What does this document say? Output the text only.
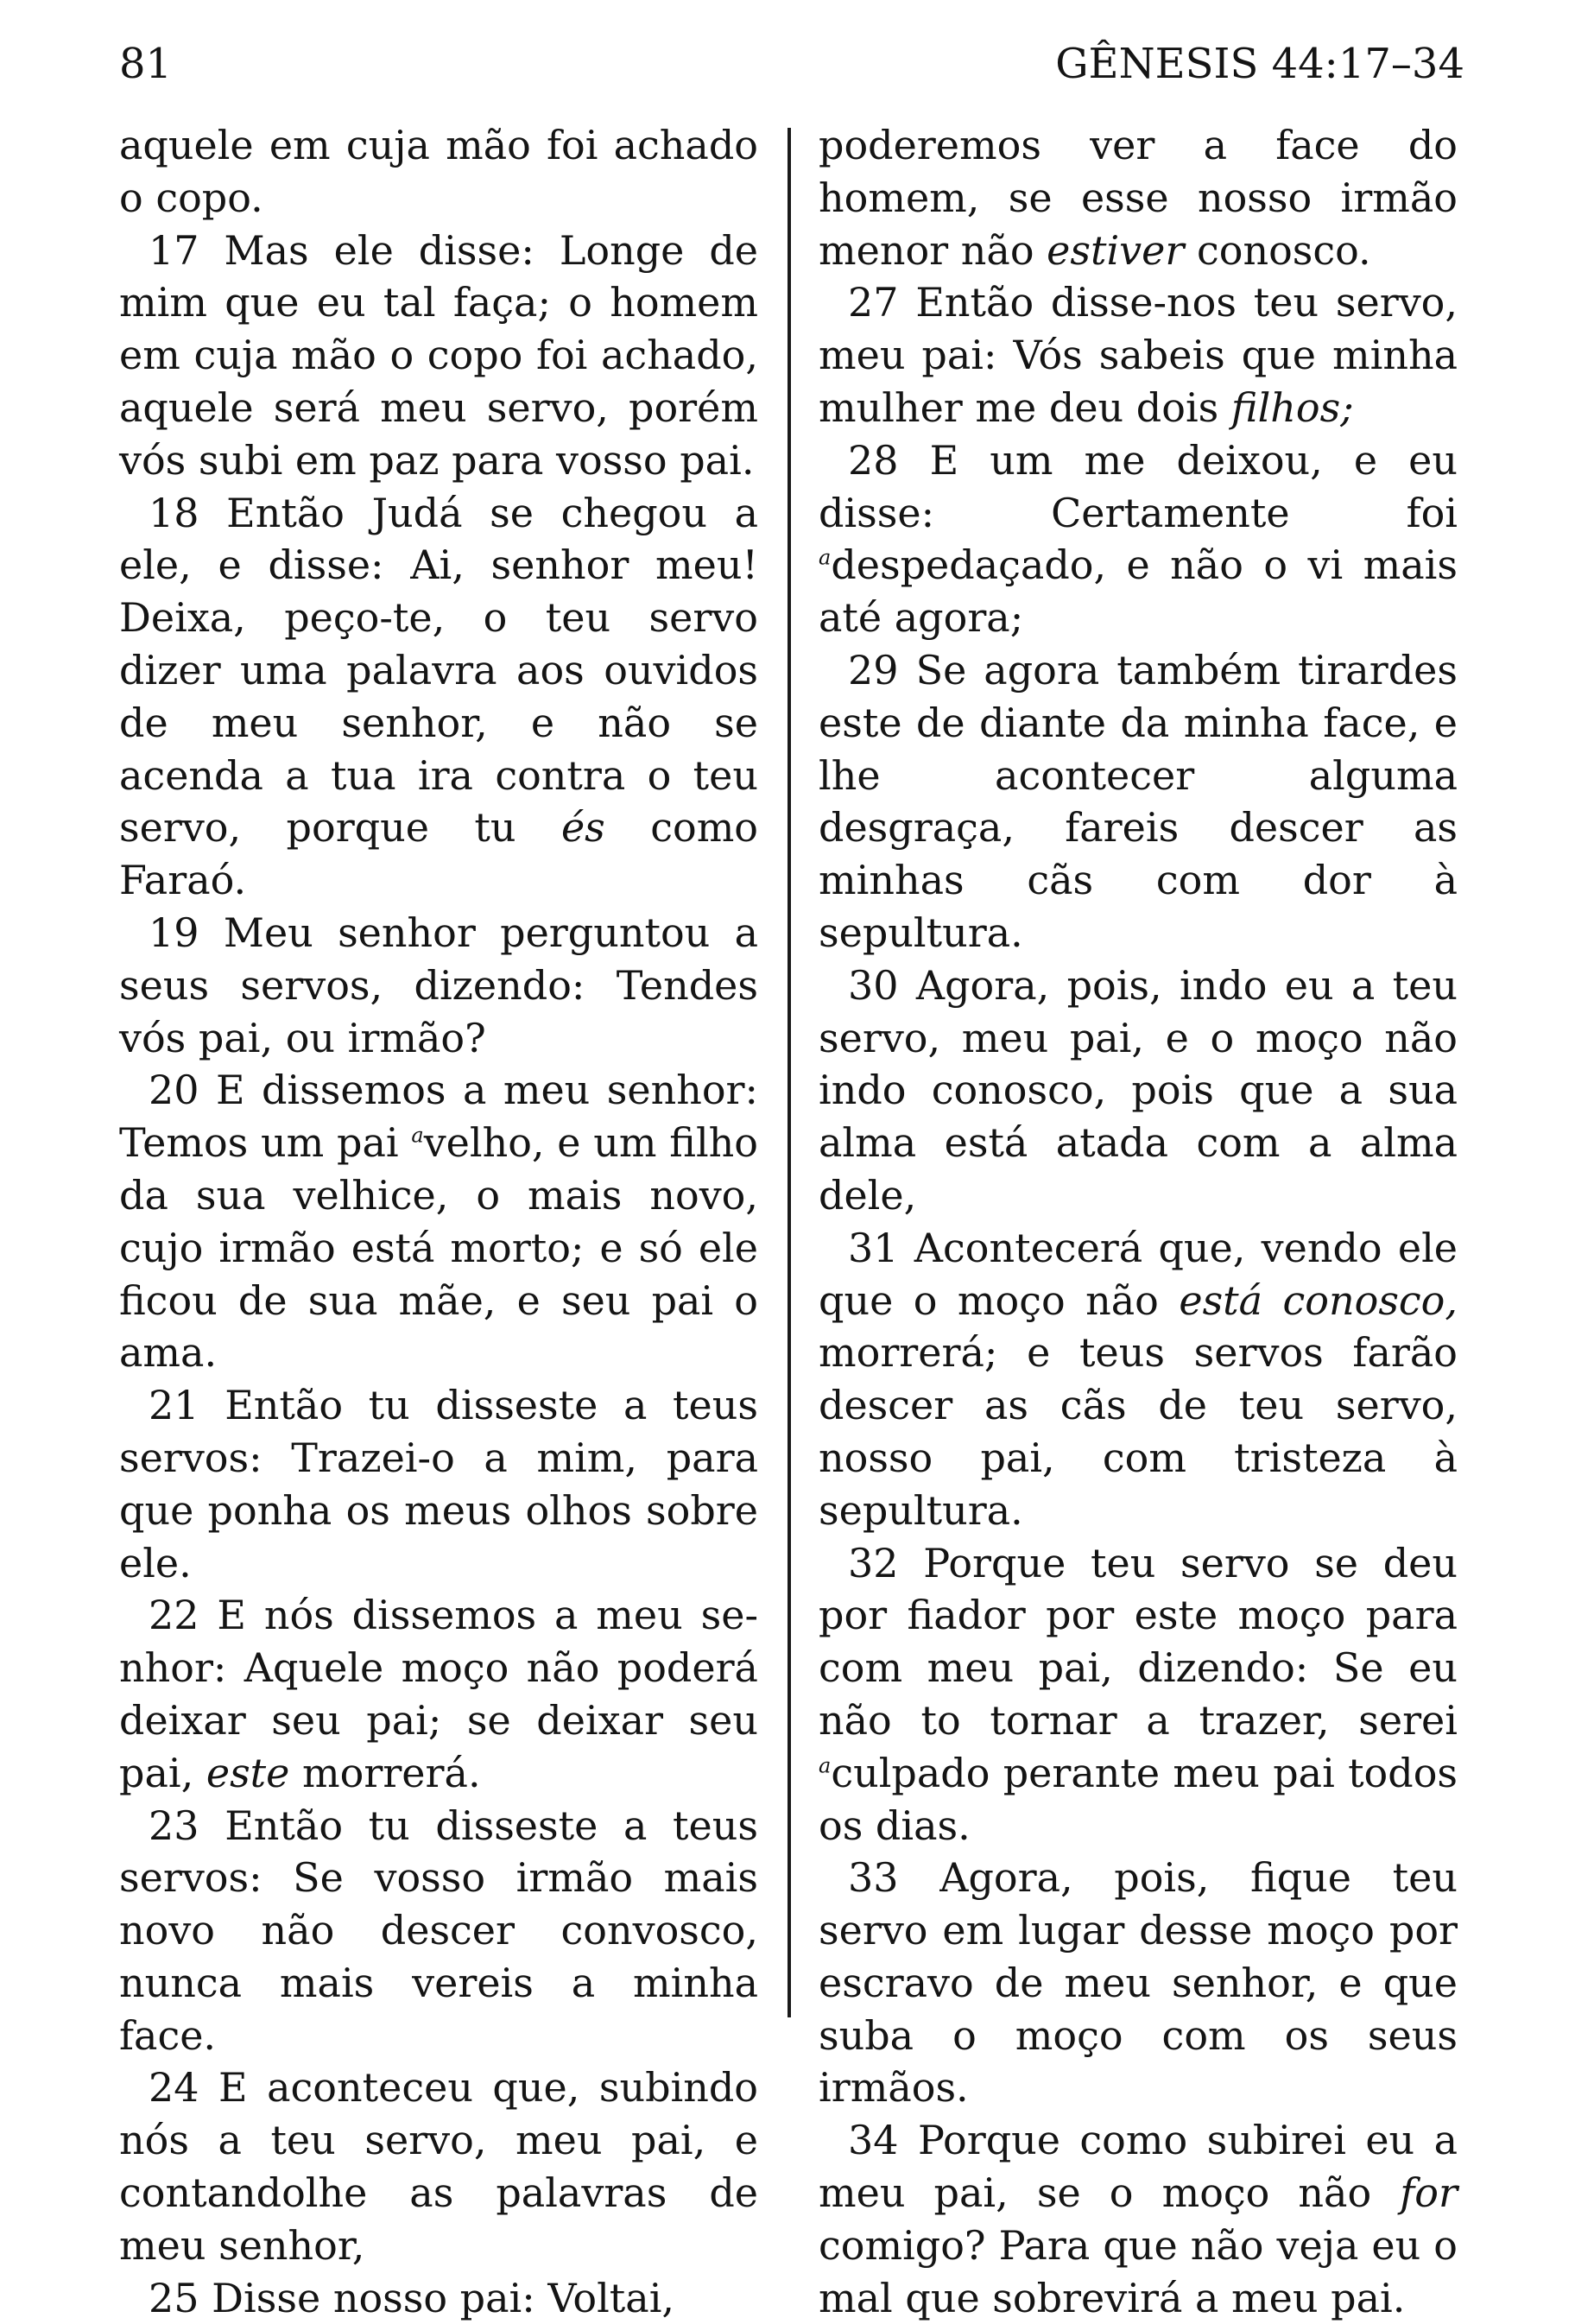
81	GÊNESIS 44:17–34

aquele em cuja mão foi achado o copo.

17 Mas ele disse: Longe de mim que eu tal faça; o homem em cuja mão o copo foi achado, aquele será meu servo, porém vós subi em paz para vosso pai.

18 Então Judá se chegou a ele, e disse: Ai, senhor meu! Deixa, peço-te, o teu servo dizer uma palavra aos ouvidos de meu senhor, e não se acenda a tua ira contra o teu servo, porque tu és como Faraó.

19 Meu senhor perguntou a seus servos, dizendo: Tendes vós pai, ou irmão?

20 E dissemos a meu senhor: Temos um pai $^a$velho, e um filho da sua velhice, o mais novo, cujo irmão está morto; e só ele ficou de sua mãe, e seu pai o ama.

21 Então tu disseste a teus servos: Trazei-o a mim, para que ponha os meus olhos sobre ele.

22 E nós dissemos a meu senhor: Aquele moço não poderá deixar seu pai; se deixar seu pai, este morrerá.

23 Então tu disseste a teus servos: Se vosso irmão mais novo não descer convosco, nunca mais vereis a minha face.

24 E aconteceu que, subindo nós a teu servo, meu pai, e contandolhe as palavras de meu senhor,

25 Disse nosso pai: Voltai,

poderemos ver a face do homem, se esse nosso irmão menor não estiver conosco.

27 Então disse-nos teu servo, meu pai: Vós sabeis que minha mulher me deu dois filhos;

28 E um me deixou, e eu disse: Certamente foi $^a$despedaçado, e não o vi mais até agora;

29 Se agora também tirardes este de diante da minha face, e lhe acontecer alguma desgraça, fareis descer as minhas cãs com dor à sepultura.

30 Agora, pois, indo eu a teu servo, meu pai, e o moço não indo conosco, pois que a sua alma está atada com a alma dele,

31 Acontecerá que, vendo ele que o moço não está conosco, morrerá; e teus servos farão descer as cãs de teu servo, nosso pai, com tristeza à sepultura.

32 Porque teu servo se deu por fiador por este moço para com meu pai, dizendo: Se eu não to tornar a trazer, serei $^a$culpado perante meu pai todos os dias.

33 Agora, pois, fique teu servo em lugar desse moço por escravo de meu senhor, e que suba o moço com os seus irmãos.

34 Porque como subirei eu a meu pai, se o moço não for comigo? Para que não veja eu o mal que sobrevirá a meu pai.
